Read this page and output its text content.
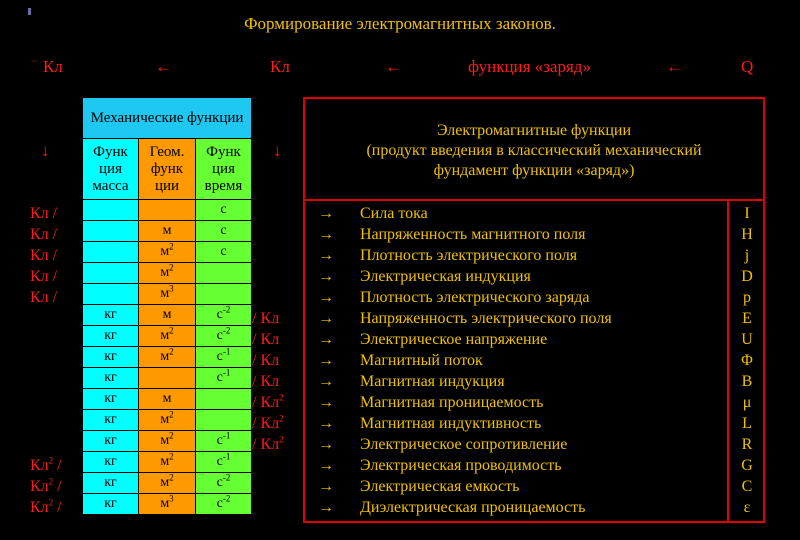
Формирование электромагнитных законов.
Кл	←	Кл	←	функция «заряд»	←	Q
↓	↓
Механические функции		
Функ ция масса	Геом. функ ции	Функ ция время
		с
	м	с
	$м^2$	с
	$м^2$	
	$м^3$	
кг	м	$с^{-2}$
кг	$м^2$	$с^{-2}$
кг	$м^2$	$с^{-1}$
кг		$с^{-1}$
кг	м	
кг	$м^2$	
кг	$м^2$	$с^{-1}$
кг	$м^2$	$с^{-1}$
кг	$м^2$	$с^{-2}$
кг	$м^3$	$с^{-2}$
Электромагнитные функции
(продукт введения в классический механический
фундамент функции «заряд»)
Кл /	→	Сила тока	I
Кл /	→	Напряженность магнитного поля	H
Кл /	→	Плотность электрического поля	j
Кл /	→	Электрическая индукция	D
Кл /	→	Плотность электрического заряда	p
/ Кл	→	Напряженность электрического поля	E
/ Кл	→	Электрическое напряжение	U
/ Кл	→	Магнитный поток	Φ
/ Кл	→	Магнитная индукция	B
/ $Кл^2$	→	Магнитная проницаемость	μ
/ $Кл^2$	→	Магнитная индуктивность	L
/ $Кл^2$	→	Электрическое сопротивление	R
$Кл^2$ /	→	Электрическая проводимость	G
$Кл^2$ /	→	Электрическая емкость	C
$Кл^2$ /	→	Диэлектрическая проницаемость	ε
